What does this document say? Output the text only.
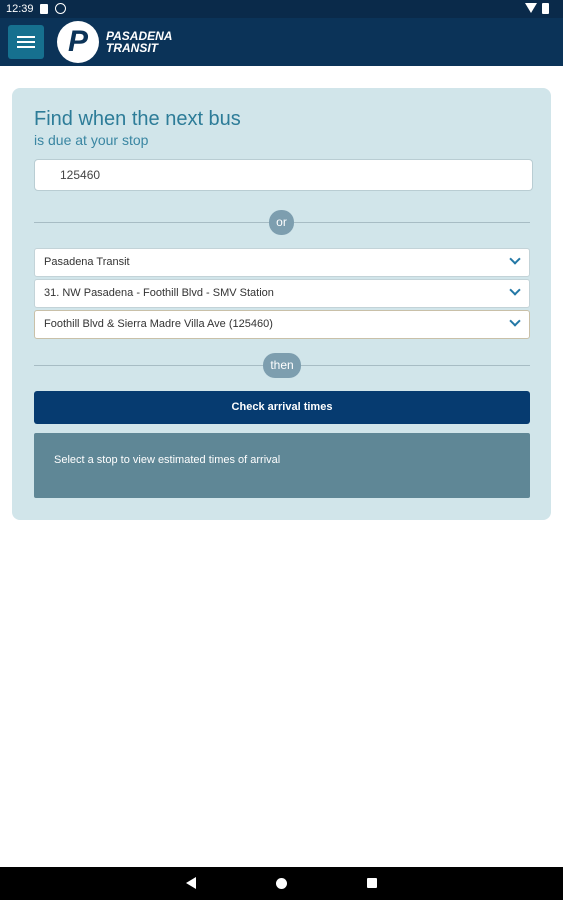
12:39
P	PASADENA
TRANSIT
Find when the next bus
is due at your stop
125460
or
Pasadena Transit
31. NW Pasadena - Foothill Blvd - SMV Station
Foothill Blvd & Sierra Madre Villa Ave (125460)
then
Check arrival times
Select a stop to view estimated times of arrival
